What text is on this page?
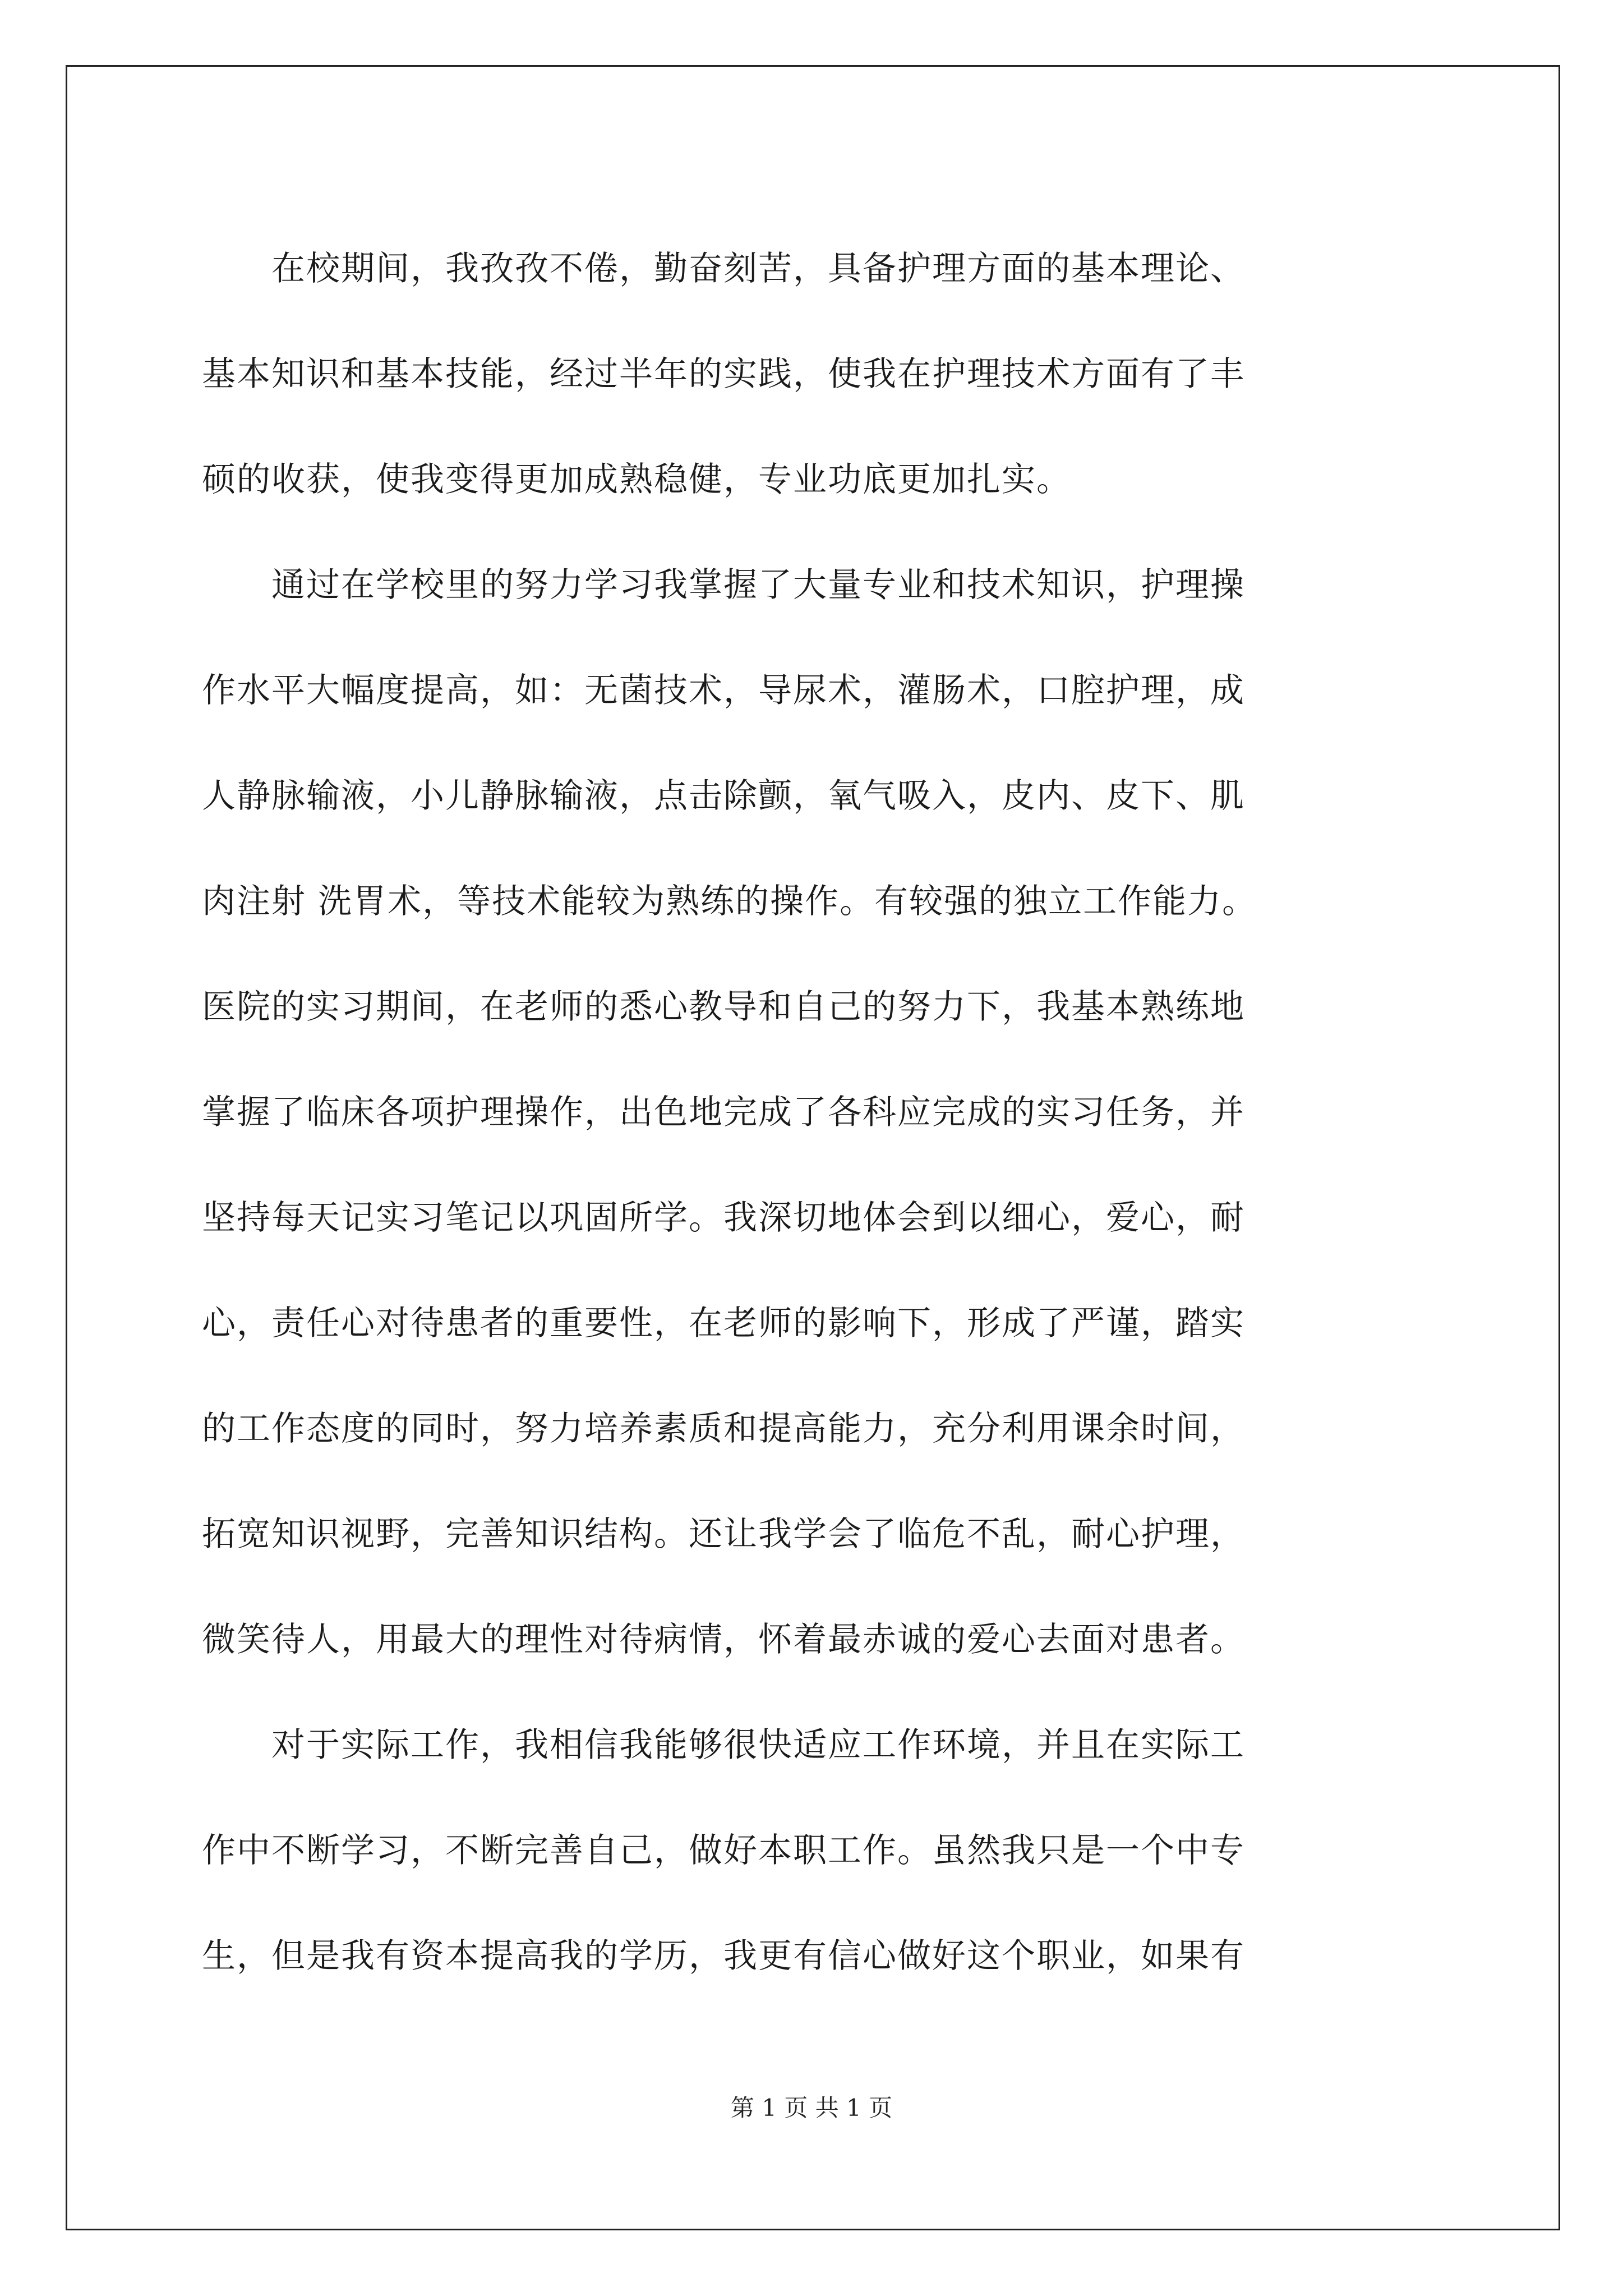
　　在校期间，我孜孜不倦，勤奋刻苦，具备护理方面的基本理论、
基本知识和基本技能，经过半年的实践，使我在护理技术方面有了丰
硕的收获，使我变得更加成熟稳健，专业功底更加扎实。
　　通过在学校里的努力学习我掌握了大量专业和技术知识，护理操
作水平大幅度提高，如：无菌技术，导尿术，灌肠术，口腔护理，成
人静脉输液，小儿静脉输液，点击除颤，氧气吸入，皮内、皮下、肌
肉注射 洗胃术，等技术能较为熟练的操作。有较强的独立工作能力。
医院的实习期间，在老师的悉心教导和自己的努力下，我基本熟练地
掌握了临床各项护理操作，出色地完成了各科应完成的实习任务，并
坚持每天记实习笔记以巩固所学。我深切地体会到以细心，爱心，耐
心，责任心对待患者的重要性，在老师的影响下，形成了严谨，踏实
的工作态度的同时，努力培养素质和提高能力，充分利用课余时间，
拓宽知识视野，完善知识结构。还让我学会了临危不乱，耐心护理，
微笑待人，用最大的理性对待病情，怀着最赤诚的爱心去面对患者。
　　对于实际工作，我相信我能够很快适应工作环境，并且在实际工
作中不断学习，不断完善自己，做好本职工作。虽然我只是一个中专
生，但是我有资本提高我的学历，我更有信心做好这个职业，如果有
第 1 页 共 1 页
